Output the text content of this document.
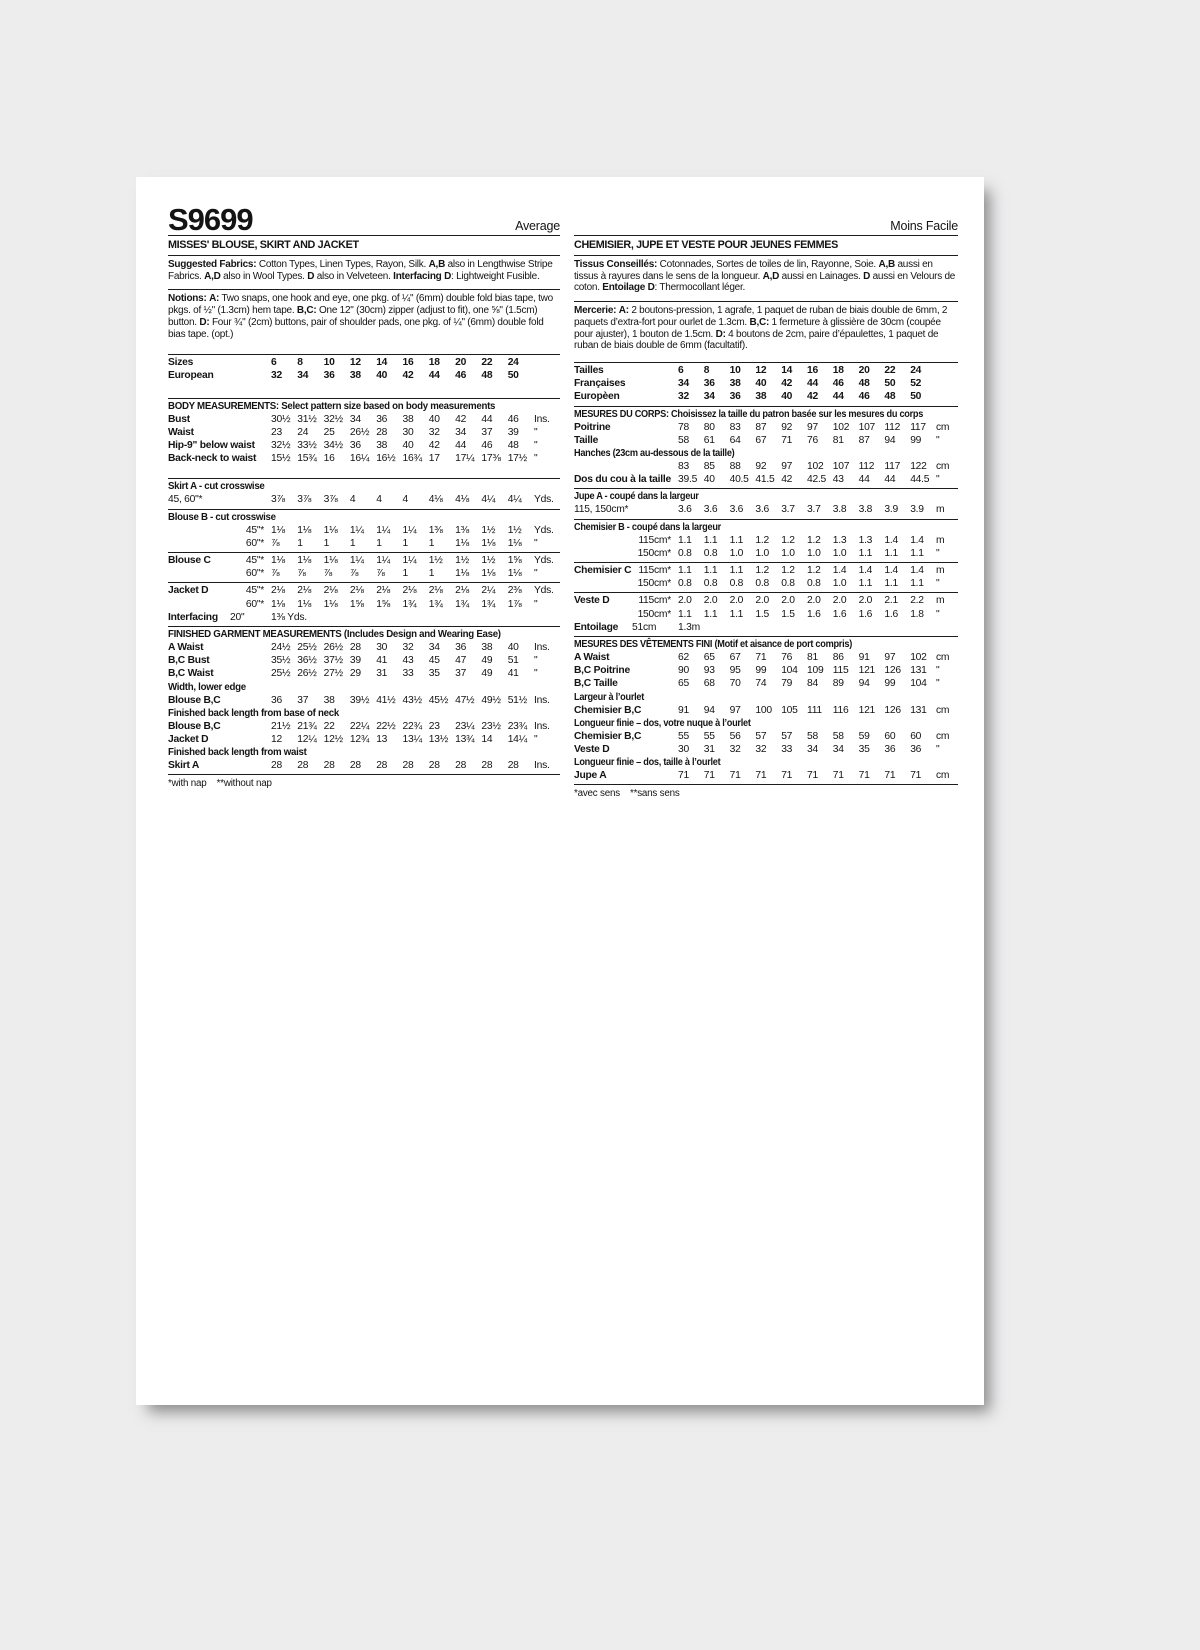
S9699	Average
MISSES' BLOUSE, SKIRT AND JACKET
Suggested Fabrics: Cotton Types, Linen Types, Rayon, Silk. A,B also in Lengthwise Stripe Fabrics. A,D also in Wool Types. D also in Velveteen. Interfacing D: Lightweight Fusible.
Notions: A: Two snaps, one hook and eye, one pkg. of ¼" (6mm) double fold bias tape, two pkgs. of ½" (1.3cm) hem tape. B,C: One 12" (30cm) zipper (adjust to fit), one ⅝" (1.5cm) button. D: Four ¾" (2cm) buttons, pair of shoulder pads, one pkg. of ¼" (6mm) double fold bias tape. (opt.)
Sizes	6	8	10	12	14	16	18	20	22	24
European	32	34	36	38	40	42	44	46	48	50
BODY MEASUREMENTS: Select pattern size based on body measurements
Bust	30½ 31½ 32½ 34	36	38	40	42	44	46	Ins.
Waist	23	24	25	26½ 28	30	32	34	37	39	"
Hip-9" below waist	32½ 33½ 34½ 36	38	40	42	44	46	48	"
Back-neck to waist	15½ 15¾ 16	16¼ 16½ 16¾ 17	17¼ 17⅜ 17½ "
Skirt A - cut crosswise
45, 60"*	3⅞	3⅞	3⅞	4	4	4	4⅛	4⅛	4¼	4¼	Yds.
Blouse B - cut crosswise
45"* 1⅛	1⅛	1⅛	1¼	1¼	1¼	1⅜	1⅜	1½	1½	Yds.
60"* ⅞	1	1	1	1	1	1	1⅛	1⅛	1⅛	"
Blouse C	45"* 1⅛	1⅛	1⅛	1¼	1¼	1¼	1½	1½	1½	1⅝	Yds.
60"* ⅞	⅞	⅞	⅞	⅞	1	1	1⅛	1⅛	1⅛	"
Jacket D	45"* 2⅛	2⅛	2⅛	2⅛	2⅛	2⅛	2⅛	2⅛	2¼	2⅜	Yds.
60"* 1⅛	1⅛	1⅛	1⅝	1⅝	1¾	1¾	1¾	1¾	1⅞	"
Interfacing	20"	1⅜ Yds.
FINISHED GARMENT MEASUREMENTS (Includes Design and Wearing Ease)
A Waist	24½ 25½ 26½ 28	30	32	34	36	38	40	Ins.
B,C Bust	35½ 36½ 37½ 39	41	43	45	47	49	51	"
B,C Waist	25½ 26½ 27½ 29	31	33	35	37	49	41	"
Width, lower edge
Blouse B,C	36	37	38	39½ 41½ 43½ 45½ 47½ 49½ 51½ Ins.
Finished back length from base of neck
Blouse B,C	21½ 21¾ 22	22¼ 22½ 22¾ 23	23¼ 23½ 23¾ Ins.
Jacket D	12	12¼ 12½ 12¾ 13	13¼ 13½ 13¾ 14	14¼ "
Finished back length from waist
Skirt A	28	28	28	28	28	28	28	28	28	28	Ins.
*with nap    **without nap
Moins Facile
CHEMISIER, JUPE ET VESTE POUR JEUNES FEMMES
Tissus Conseillés: Cotonnades, Sortes de toiles de lin, Rayonne, Soie. A,B aussi en tissus à rayures dans le sens de la longueur. A,D aussi en Lainages. D aussi en Velours de coton. Entoilage D: Thermocollant léger.
Mercerie: A: 2 boutons-pression, 1 agrafe, 1 paquet de ruban de biais double de 6mm, 2 paquets d’extra-fort pour ourlet de 1.3cm. B,C: 1 fermeture à glissière de 30cm (coupée pour ajuster), 1 bouton de 1.5cm. D: 4 boutons de 2cm, paire d’épaulettes, 1 paquet de ruban de biais double de 6mm (facultatif).
Tailles	6	8	10	12	14	16	18	20	22	24
Françaises	34	36	38	40	42	44	46	48	50	52
Europèen	32	34	36	38	40	42	44	46	48	50
MESURES DU CORPS: Choisissez la taille du patron basée sur les mesures du corps
Poitrine	78	80	83	87	92	97	102 107 112 117 cm
Taille	58	61	64	67	71	76	81	87	94	99	"
Hanches (23cm au-dessous de la taille)
83	85	88	92	97	102 107 112 117 122 cm
Dos du cou à la taille 39.5 40	40.5 41.5 42	42.5 43	44	44	44.5 "
Jupe A - coupé dans la largeur
115, 150cm*	3.6	3.6	3.6	3.6	3.7	3.7	3.8	3.8	3.9	3.9	m
Chemisier B - coupé dans la largeur
115cm* 1.1	1.1	1.1	1.2	1.2	1.2	1.3	1.3	1.4	1.4	m
150cm* 0.8	0.8	1.0	1.0	1.0	1.0	1.0	1.1	1.1	1.1	"
Chemisier C 115cm* 1.1	1.1	1.1	1.2	1.2	1.2	1.4	1.4	1.4	1.4	m
150cm* 0.8	0.8	0.8	0.8	0.8	0.8	1.0	1.1	1.1	1.1	"
Veste D	115cm* 2.0	2.0	2.0	2.0	2.0	2.0	2.0	2.0	2.1	2.2	m
150cm* 1.1	1.1	1.1	1.5	1.5	1.6	1.6	1.6	1.6	1.8	"
Entoilage	51cm	1.3m
MESURES DES VÊTEMENTS FINI (Motif et aisance de port compris)
A Waist	62	65	67	71	76	81	86	91	97	102 cm
B,C Poitrine	90	93	95	99	104 109 115 121 126 131 "
B,C Taille	65	68	70	74	79	84	89	94	99	104 "
Largeur à l’ourlet
Chemisier B,C	91	94	97	100 105 111	116 121 126 131 cm
Longueur finie – dos, votre nuque à l’ourlet
Chemisier B,C	55	55	56	57	57	58	58	59	60	60	cm
Veste D	30	31	32	32	33	34	34	35	36	36	"
Longueur finie – dos, taille à l’ourlet
Jupe A	71	71	71	71	71	71	71	71	71	71	cm
*avec sens    **sans sens
